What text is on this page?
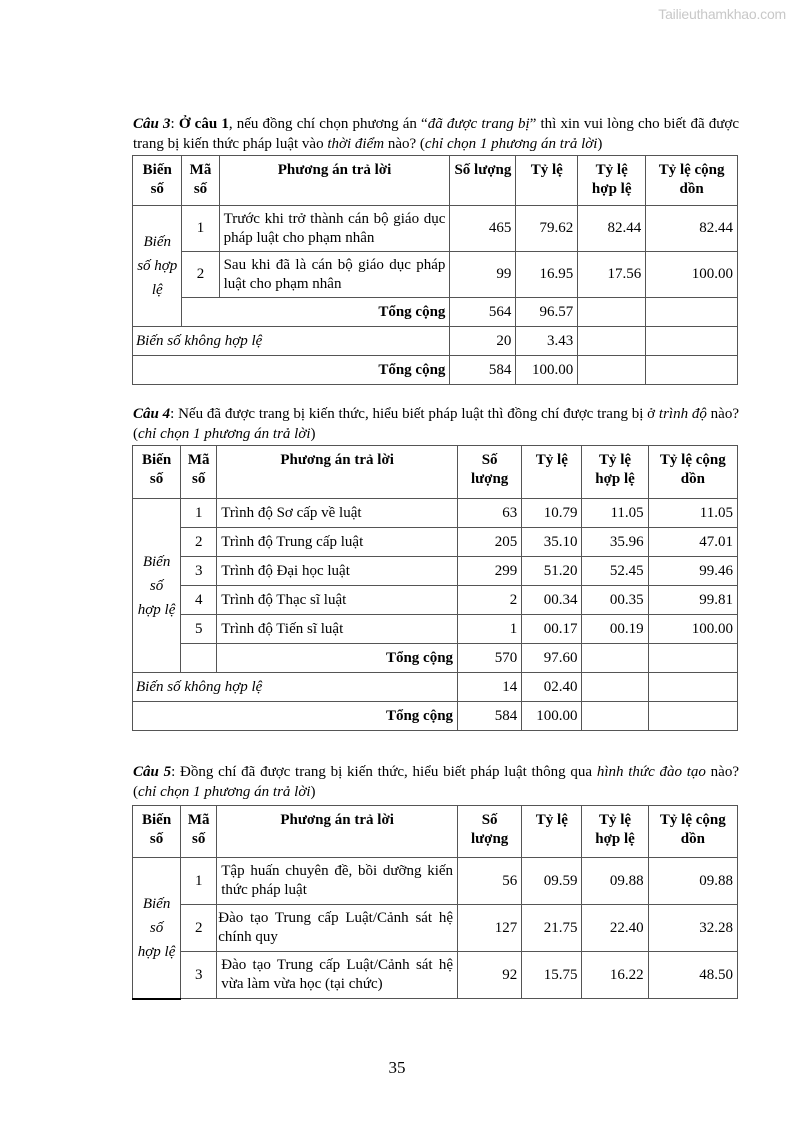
Tailieuthamkhao.com
Câu 3: Ở câu 1, nếu đồng chí chọn phương án “đã được trang bị” thì xin vui lòng cho biết đã được trang bị kiến thức pháp luật vào thời điểm nào? (chỉ chọn 1 phương án trả lời)
Biến số	Mã số	Phương án trả lời	Số lượng	Tỷ lệ	Tỷ lệ hợp lệ	Tỷ lệ cộng dồn
Biến số hợp lệ	1	Trước khi trở thành cán bộ giáo dục pháp luật cho phạm nhân	465	79.62	82.44	82.44
	2	Sau khi đã là cán bộ giáo dục pháp luật cho phạm nhân	99	16.95	17.56	100.00
	Tổng cộng		564	96.57		
Biến số không hợp lệ			20	3.43		
Tổng cộng			584	100.00		
Câu 4: Nếu đã được trang bị kiến thức, hiểu biết pháp luật thì đồng chí được trang bị ở trình độ nào? (chỉ chọn 1 phương án trả lời)
Biến số	Mã số	Phương án trả lời	Số lượng	Tỷ lệ	Tỷ lệ hợp lệ	Tỷ lệ cộng dồn
Biến số hợp lệ	1	Trình độ Sơ cấp về luật	63	10.79	11.05	11.05
	2	Trình độ Trung cấp luật	205	35.10	35.96	47.01
	3	Trình độ Đại học luật	299	51.20	52.45	99.46
	4	Trình độ Thạc sĩ luật	2	00.34	00.35	99.81
	5	Trình độ Tiến sĩ luật	1	00.17	00.19	100.00
		Tổng cộng	570	97.60		
Biến số không hợp lệ			14	02.40		
Tổng cộng			584	100.00		
Câu 5: Đồng chí đã được trang bị kiến thức, hiểu biết pháp luật thông qua hình thức đào tạo nào? (chỉ chọn 1 phương án trả lời)
Biến số	Mã số	Phương án trả lời	Số lượng	Tỷ lệ	Tỷ lệ hợp lệ	Tỷ lệ cộng dồn
Biến số hợp lệ	1	Tập huấn chuyên đề, bồi dưỡng kiến thức pháp luật	56	09.59	09.88	09.88
	2	Đào tạo Trung cấp Luật/Cảnh sát hệ chính quy	127	21.75	22.40	32.28
	3	Đào tạo Trung cấp Luật/Cảnh sát hệ vừa làm vừa học (tại chức)	92	15.75	16.22	48.50
35
